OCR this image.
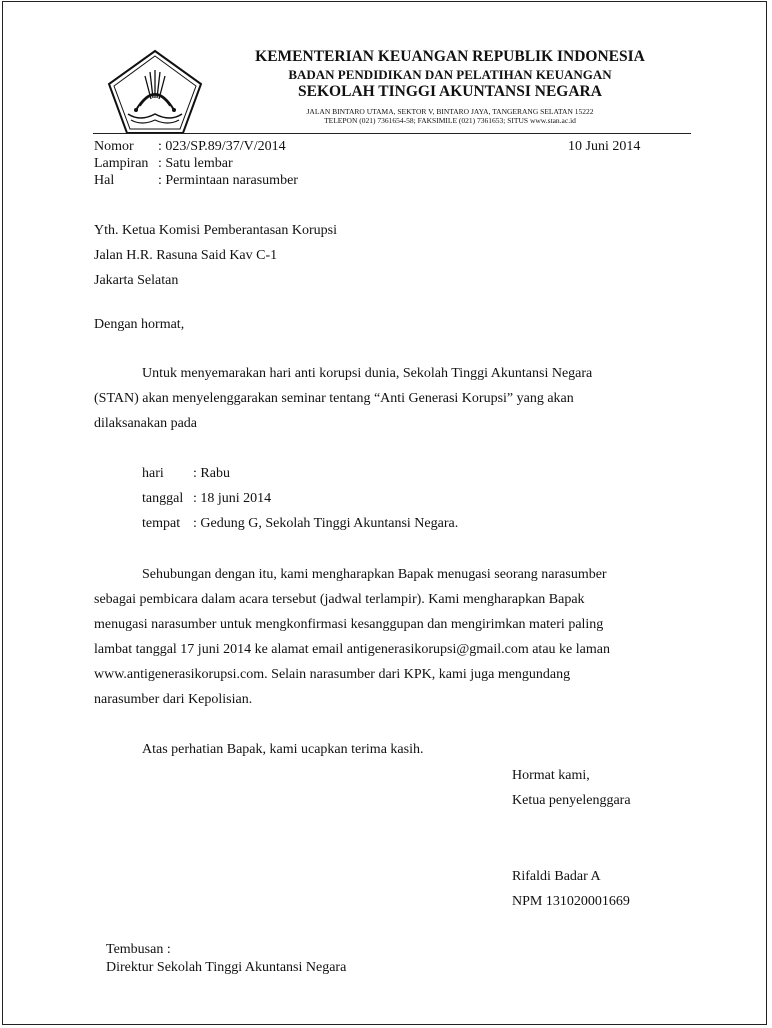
KEMENTERIAN KEUANGAN REPUBLIK INDONESIA
BADAN PENDIDIKAN DAN PELATIHAN KEUANGAN
SEKOLAH TINGGI AKUNTANSI NEGARA
JALAN BINTARO UTAMA, SEKTOR V, BINTARO JAYA, TANGERANG SELATAN 15222
TELEPON (021) 7361654-58; FAKSIMILE (021) 7361653; SITUS www.stan.ac.id
Nomor : 023/SP.89/37/V/2014	10 Juni 2014
Lampiran : Satu lembar
Hal	: Permintaan narasumber
Yth. Ketua Komisi Pemberantasan Korupsi
Jalan H.R. Rasuna Said Kav C-1
Jakarta Selatan
Dengan hormat,
Untuk menyemarakan hari anti korupsi dunia, Sekolah Tinggi Akuntansi Negara
(STAN) akan menyelenggarakan seminar tentang “Anti Generasi Korupsi” yang akan
dilaksanakan pada
hari : Rabu
tanggal : 18 juni 2014
tempat : Gedung G, Sekolah Tinggi Akuntansi Negara.
Sehubungan dengan itu, kami mengharapkan Bapak menugasi seorang narasumber
sebagai pembicara dalam acara tersebut (jadwal terlampir). Kami mengharapkan Bapak
menugasi narasumber untuk mengkonfirmasi kesanggupan dan mengirimkan materi paling
lambat tanggal 17 juni 2014 ke alamat email antigenerasikorupsi@gmail.com atau ke laman
www.antigenerasikorupsi.com. Selain narasumber dari KPK, kami juga mengundang
narasumber dari Kepolisian.
Atas perhatian Bapak, kami ucapkan terima kasih.
Hormat kami,
Ketua penyelenggara
Rifaldi Badar A
NPM 131020001669
Tembusan :
Direktur Sekolah Tinggi Akuntansi Negara
